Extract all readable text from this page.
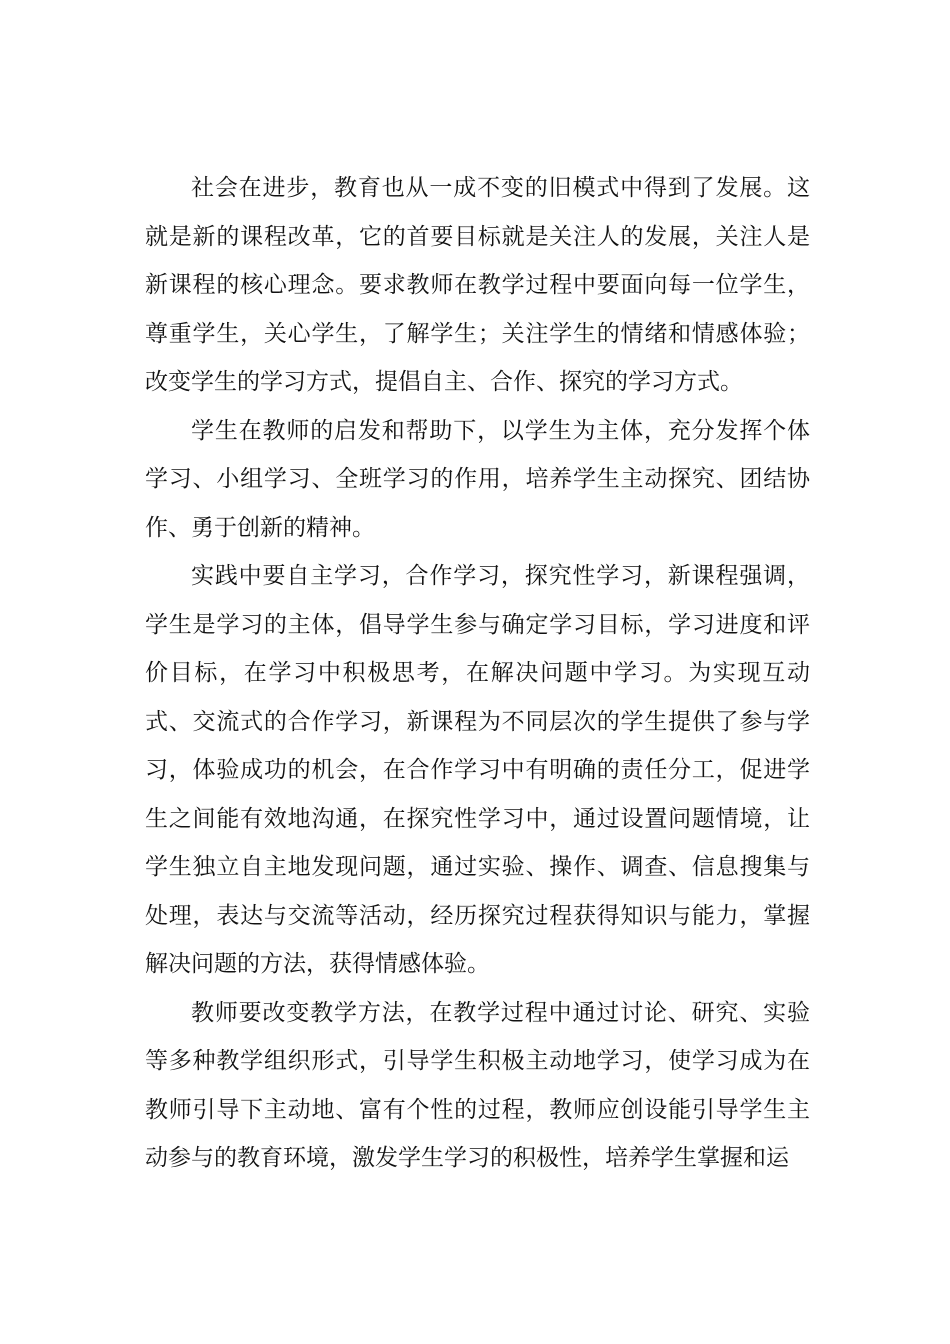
社会在进步，教育也从一成不变的旧模式中得到了发展。这就是新的课程改革，它的首要目标就是关注人的发展，关注人是新课程的核心理念。要求教师在教学过程中要面向每一位学生，尊重学生，关心学生，了解学生；关注学生的情绪和情感体验；改变学生的学习方式，提倡自主、合作、探究的学习方式。

学生在教师的启发和帮助下，以学生为主体，充分发挥个体学习、小组学习、全班学习的作用，培养学生主动探究、团结协作、勇于创新的精神。

实践中要自主学习，合作学习，探究性学习，新课程强调，学生是学习的主体，倡导学生参与确定学习目标，学习进度和评价目标，在学习中积极思考，在解决问题中学习。为实现互动式、交流式的合作学习，新课程为不同层次的学生提供了参与学习，体验成功的机会，在合作学习中有明确的责任分工，促进学生之间能有效地沟通，在探究性学习中，通过设置问题情境，让学生独立自主地发现问题，通过实验、操作、调查、信息搜集与处理，表达与交流等活动，经历探究过程获得知识与能力，掌握解决问题的方法，获得情感体验。

教师要改变教学方法，在教学过程中通过讨论、研究、实验等多种教学组织形式，引导学生积极主动地学习，使学习成为在教师引导下主动地、富有个性的过程，教师应创设能引导学生主动参与的教育环境，激发学生学习的积极性，培养学生掌握和运
